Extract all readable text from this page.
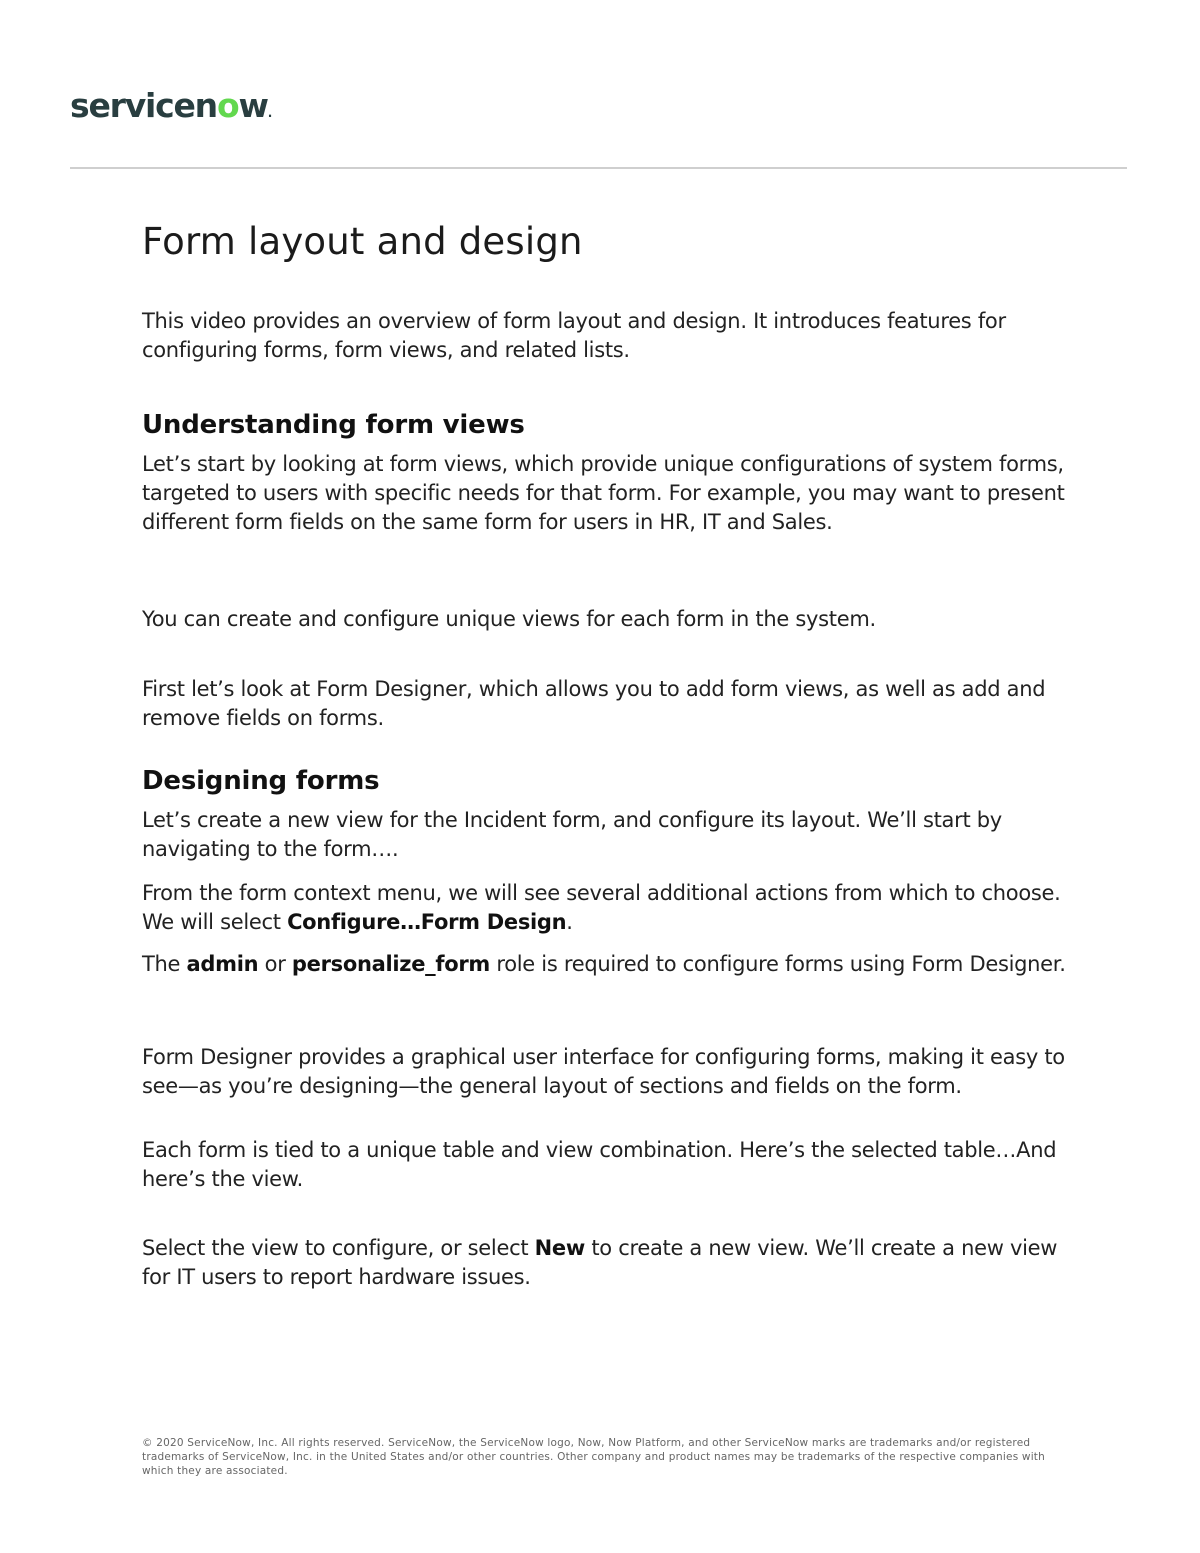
servicenow.
Form layout and design

This video provides an overview of form layout and design. It introduces features for configuring forms, form views, and related lists.

Understanding form views

Let’s start by looking at form views, which provide unique configurations of system forms, targeted to users with specific needs for that form. For example, you may want to present different form fields on the same form for users in HR, IT and Sales.

You can create and configure unique views for each form in the system.

First let’s look at Form Designer, which allows you to add form views, as well as add and remove fields on forms.

Designing forms

Let’s create a new view for the Incident form, and configure its layout. We’ll start by navigating to the form….

From the form context menu, we will see several additional actions from which to choose. We will select Configure…Form Design.

The admin or personalize_form role is required to configure forms using Form Designer.

Form Designer provides a graphical user interface for configuring forms, making it easy to see—as you’re designing—the general layout of sections and fields on the form.

Each form is tied to a unique table and view combination. Here’s the selected table…And here’s the view.

Select the view to configure, or select New to create a new view. We’ll create a new view for IT users to report hardware issues.

© 2020 ServiceNow, Inc. All rights reserved. ServiceNow, the ServiceNow logo, Now, Now Platform, and other ServiceNow marks are trademarks and/or registered trademarks of ServiceNow, Inc. in the United States and/or other countries. Other company and product names may be trademarks of the respective companies with which they are associated.
